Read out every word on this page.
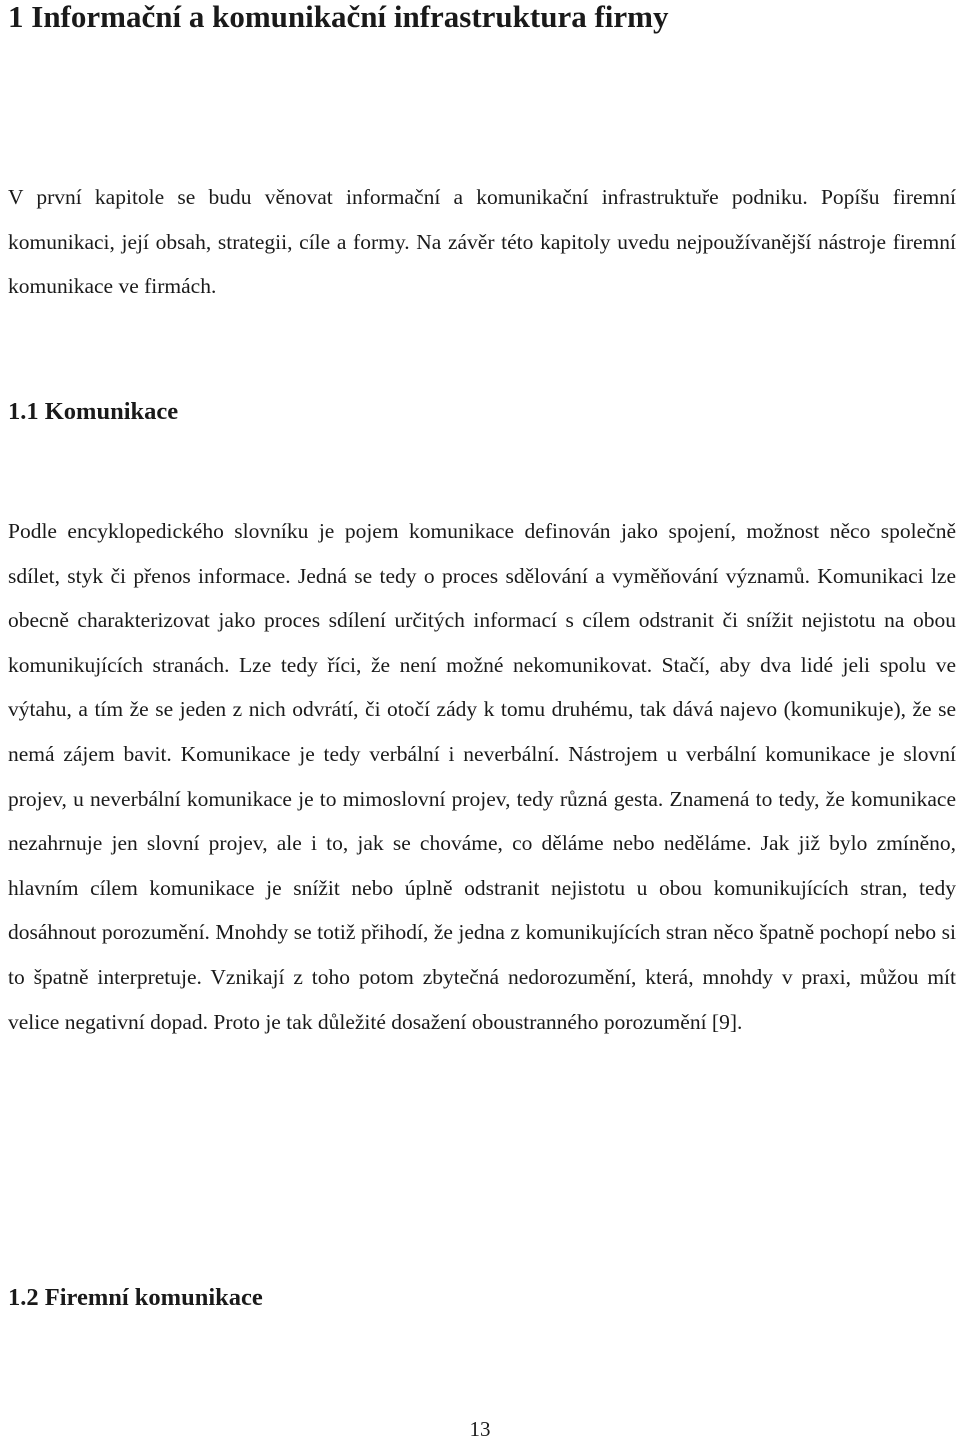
1 Informační a komunikační infrastruktura firmy

V první kapitole se budu věnovat informační a komunikační infrastruktuře podniku. Popíšu firemní komunikaci, její obsah, strategii, cíle a formy. Na závěr této kapitoly uvedu nejpoužívanější nástroje firemní komunikace ve firmách.

1.1 Komunikace

Podle encyklopedického slovníku je pojem komunikace definován jako spojení, možnost něco společně sdílet, styk či přenos informace. Jedná se tedy o proces sdělování a vyměňování významů. Komunikaci lze obecně charakterizovat jako proces sdílení určitých informací s cílem odstranit či snížit nejistotu na obou komunikujících stranách. Lze tedy říci, že není možné nekomunikovat. Stačí, aby dva lidé jeli spolu ve výtahu, a tím že se jeden z nich odvrátí, či otočí zády k tomu druhému, tak dává najevo (komunikuje), že se nemá zájem bavit. Komunikace je tedy verbální i neverbální. Nástrojem u verbální komunikace je slovní projev, u neverbální komunikace je to mimoslovní projev, tedy různá gesta. Znamená to tedy, že komunikace nezahrnuje jen slovní projev, ale i to, jak se chováme, co děláme nebo neděláme. Jak již bylo zmíněno, hlavním cílem komunikace je snížit nebo úplně odstranit nejistotu u obou komunikujících stran, tedy dosáhnout porozumění. Mnohdy se totiž přihodí, že jedna z komunikujících stran něco špatně pochopí nebo si to špatně interpretuje. Vznikají z toho potom zbytečná nedorozumění, která, mnohdy v praxi, můžou mít velice negativní dopad. Proto je tak důležité dosažení oboustranného porozumění [9].

1.2 Firemní komunikace
13
